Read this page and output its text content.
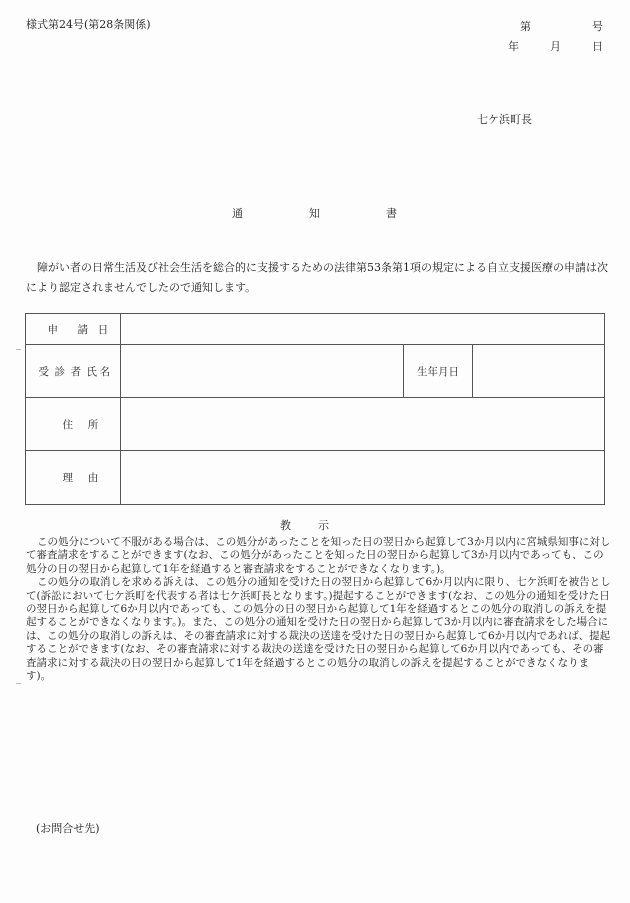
様式第24号(第28条関係)	第	号
年	月	日
七ケ浜町長
通	知	書
障がい者の日常生活及び社会生活を総合的に支援するための法律第53条第1項の規定による自立支援医療の申請は次により認定されませんでしたので通知します。
_
申 請 日			
受 診 者 氏 名		生年月日	
住 所			
理 由			
教 示

この処分について不服がある場合は、この処分があったことを知った日の翌日から起算して3か月以内に宮城県知事に対して審査請求をすることができます(なお、この処分があったことを知った日の翌日から起算して3か月以内であっても、この処分の日の翌日から起算して1年を経過すると審査請求をすることができなくなります。)。

この処分の取消しを求める訴えは、この処分の通知を受けた日の翌日から起算して6か月以内に限り、七ケ浜町を被告として(訴訟において七ケ浜町を代表する者は七ケ浜町長となります。)提起することができます(なお、この処分の通知を受けた日の翌日から起算して6か月以内であっても、この処分の日の翌日から起算して1年を経過するとこの処分の取消しの訴えを提起することができなくなります。)。また、この処分の通知を受けた日の翌日から起算して3か月以内に審査請求をした場合には、この処分の取消しの訴えは、その審査請求に対する裁決の送達を受けた日の翌日から起算して6か月以内であれば、提起することができます(なお、その審査請求に対する裁決の送達を受けた日の翌日から起算して6か月以内であっても、その審査請求に対する裁決の日の翌日から起算して1年を経過するとこの処分の取消しの訴えを提起することができなくなります)。

_
(お問合せ先)
